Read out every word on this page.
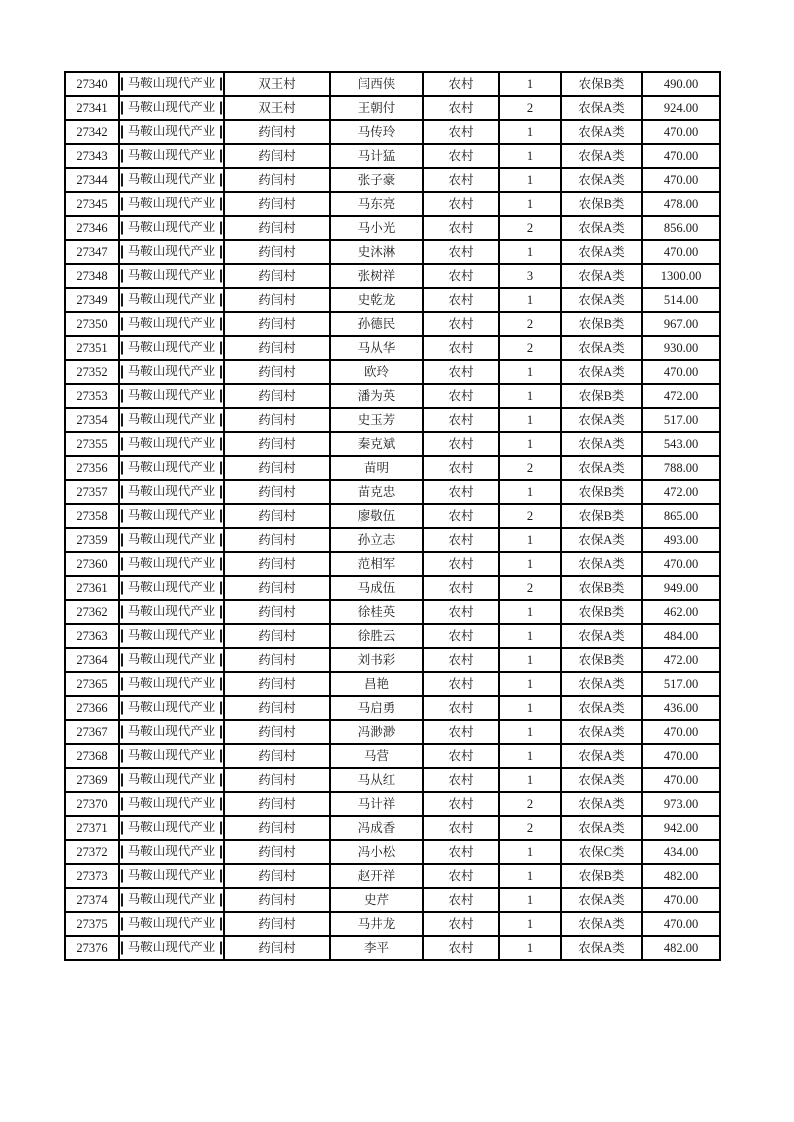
27340	马鞍山现代产业	双王村	闫西侠	农村	1	农保B类	490.00
27341	马鞍山现代产业	双王村	王朝付	农村	2	农保A类	924.00
27342	马鞍山现代产业	药闫村	马传玲	农村	1	农保A类	470.00
27343	马鞍山现代产业	药闫村	马计猛	农村	1	农保A类	470.00
27344	马鞍山现代产业	药闫村	张子豪	农村	1	农保A类	470.00
27345	马鞍山现代产业	药闫村	马东亮	农村	1	农保B类	478.00
27346	马鞍山现代产业	药闫村	马小光	农村	2	农保A类	856.00
27347	马鞍山现代产业	药闫村	史沐淋	农村	1	农保A类	470.00
27348	马鞍山现代产业	药闫村	张树祥	农村	3	农保A类	1300.00
27349	马鞍山现代产业	药闫村	史乾龙	农村	1	农保A类	514.00
27350	马鞍山现代产业	药闫村	孙德民	农村	2	农保B类	967.00
27351	马鞍山现代产业	药闫村	马从华	农村	2	农保A类	930.00
27352	马鞍山现代产业	药闫村	欧玲	农村	1	农保A类	470.00
27353	马鞍山现代产业	药闫村	潘为英	农村	1	农保B类	472.00
27354	马鞍山现代产业	药闫村	史玉芳	农村	1	农保A类	517.00
27355	马鞍山现代产业	药闫村	秦克斌	农村	1	农保A类	543.00
27356	马鞍山现代产业	药闫村	苗明	农村	2	农保A类	788.00
27357	马鞍山现代产业	药闫村	苗克忠	农村	1	农保B类	472.00
27358	马鞍山现代产业	药闫村	廖敬伍	农村	2	农保B类	865.00
27359	马鞍山现代产业	药闫村	孙立志	农村	1	农保A类	493.00
27360	马鞍山现代产业	药闫村	范相军	农村	1	农保A类	470.00
27361	马鞍山现代产业	药闫村	马成伍	农村	2	农保B类	949.00
27362	马鞍山现代产业	药闫村	徐桂英	农村	1	农保B类	462.00
27363	马鞍山现代产业	药闫村	徐胜云	农村	1	农保A类	484.00
27364	马鞍山现代产业	药闫村	刘书彩	农村	1	农保B类	472.00
27365	马鞍山现代产业	药闫村	昌艳	农村	1	农保A类	517.00
27366	马鞍山现代产业	药闫村	马启勇	农村	1	农保A类	436.00
27367	马鞍山现代产业	药闫村	冯渺渺	农村	1	农保A类	470.00
27368	马鞍山现代产业	药闫村	马营	农村	1	农保A类	470.00
27369	马鞍山现代产业	药闫村	马从红	农村	1	农保A类	470.00
27370	马鞍山现代产业	药闫村	马计祥	农村	2	农保A类	973.00
27371	马鞍山现代产业	药闫村	冯成香	农村	2	农保A类	942.00
27372	马鞍山现代产业	药闫村	冯小松	农村	1	农保C类	434.00
27373	马鞍山现代产业	药闫村	赵开祥	农村	1	农保B类	482.00
27374	马鞍山现代产业	药闫村	史芹	农村	1	农保A类	470.00
27375	马鞍山现代产业	药闫村	马井龙	农村	1	农保A类	470.00
27376	马鞍山现代产业	药闫村	李平	农村	1	农保A类	482.00
